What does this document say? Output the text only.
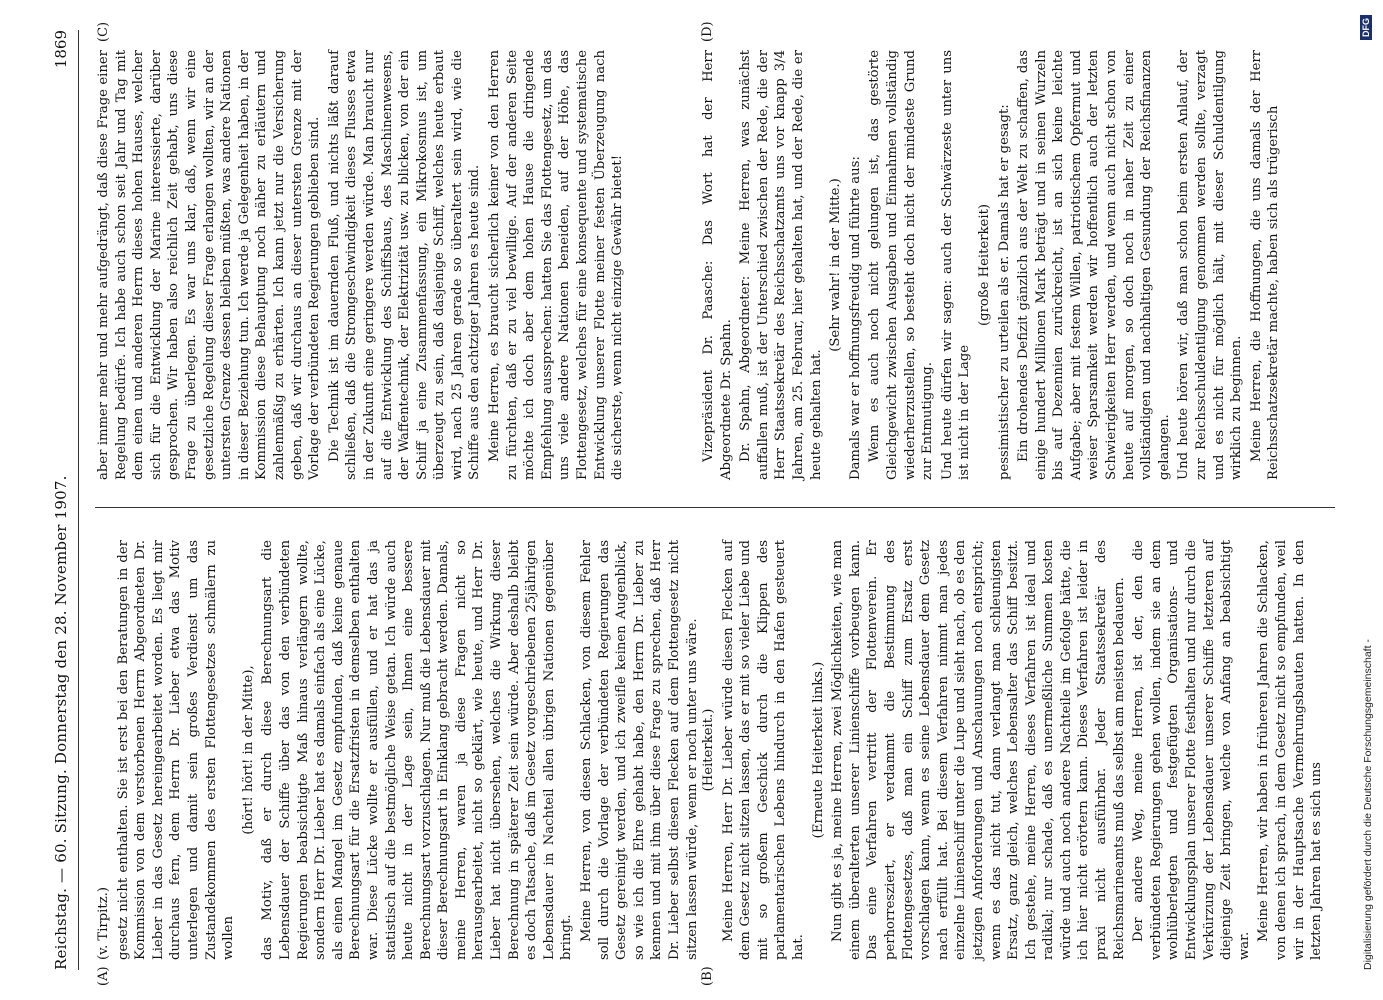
Reichstag. — 60. Sitzung. Donnerstag den 28. November 1907.
1869

(v. Tirpitz.) gesetz nicht enthalten. Sie ist erst bei den Beratungen in der Kommission von dem verstorbenen Herrn Abgeordneten Dr. Lieber in das Gesetz hereingearbeitet worden. Es liegt mir durchaus fern, dem Herrn Dr. Lieber etwa das Motiv unterlegen und damit sein großes Verdienst um das Zustandekommen des ersten Flottengesetzes schmälern zu wollen

(hört! hört! in der Mitte), das Motiv, daß er durch diese Berechnungsart die Lebensdauer der Schiffe über das von den verbündeten Regierungen beabsichtigte Maß hinaus verlängern wollte, sondern Herr Dr. Lieber hat es damals einfach als eine Lücke, als einen Mangel im Gesetz empfunden, daß keine genaue Berechnungsart für die Ersatzfristen in demselben enthalten war. Diese Lücke wollte er ausfüllen, und er hat das ja statistisch auf die bestmögliche Weise getan. Ich würde auch heute nicht in der Lage sein, Ihnen eine bessere Berechnungsart vorzuschlagen. Nur muß die Lebensdauer mit dieser Berechnungsart in Einklang gebracht werden. Damals, meine Herren, waren ja diese Fragen nicht so herausgearbeitet, nicht so geklärt, wie heute, und Herr Dr. Lieber hat nicht übersehen, welches die Wirkung dieser Berechnung in späterer Zeit sein würde. Aber deshalb bleibt es doch Tatsache, daß im Gesetz vorgeschriebenen 25jährigen Lebensdauer in Nachteil allen übrigen Nationen gegenüber bringt. Meine Herren, von diesen Schlacken, von diesem Fehler soll durch die Vorlage der verbündeten Regierungen das Gesetz gereinigt werden, und ich zweifle keinen Augenblick, so wie ich die Ehre gehabt habe, den Herrn Dr. Lieber zu kennen und mit ihm über diese Frage zu sprechen, daß Herr Dr. Lieber selbst diesen Flecken auf dem Flottengesetz nicht sitzen lassen würde, wenn er noch unter uns wäre. (Heiterkeit.) Meine Herren, Herr Dr. Lieber würde diesen Flecken auf dem Gesetz nicht sitzen lassen, das er mit so vieler Liebe und mit so großem Geschick durch die Klippen des parlamentarischen Lebens hindurch in den Hafen gesteuert hat.

(Erneute Heiterkeit links.) Nun gibt es ja, meine Herren, zwei Möglichkeiten, wie man einem überalterten unserer Linienschiffe vorbeugen kann. Das eine Verfahren vertritt der Flottenverein. Er perhorresziert, er verdammt die Bestimmung des Flottengesetzes, daß man ein Schiff zum Ersatz erst vorschlagen kann, wenn es seine Lebensdauer dem Gesetz nach erfüllt hat. Bei diesem Verfahren nimmt man jedes einzelne Linienschiff unter die Lupe und sieht nach, ob es den jetzigen Anforderungen und Anschauungen noch entspricht; wenn es das nicht tut, dann verlangt man schleunigsten Ersatz, ganz gleich, welches Lebensalter das Schiff besitzt. Ich gestehe, meine Herren, dieses Verfahren ist ideal und radikal; nur schade, daß es unermeßliche Summen kosten würde und auch noch andere Nachteile im Gefolge hätte, die ich hier nicht erörtern kann. Dieses Verfahren ist leider in praxi nicht ausführbar. Jeder Staatssekretär des Reichsmarineamts muß das selbst am meisten bedauern. Der andere Weg, meine Herren, ist der, den die verbündeten Regierungen gehen wollen, indem sie an dem wohlüberlegten und festgefügten Organisations- und Entwicklungsplan unserer Flotte festhalten und nur durch die Verkürzung der Lebensdauer unserer Schiffe letzteren auf diejenige Zeit bringen, welche von Anfang an beabsichtigt war.

Meine Herren, wir haben in früheren Jahren die Schlacken, von denen ich sprach, in dem Gesetz nicht so empfunden, weil wir in der Hauptsache Vermehrungsbauten hatten. In den letzten Jahren hat es sich uns

aber immer mehr und mehr aufgedrängt, daß diese Frage einer Regelung bedürfe. Ich habe auch schon seit Jahr und Tag mit dem einen und anderen Herrn dieses hohen Hauses, welcher sich für die Entwicklung der Marine interessierte, darüber gesprochen. Wir haben also reichlich Zeit gehabt, uns diese Frage zu überlegen. Es war uns klar, daß, wenn wir eine gesetzliche Regelung dieser Frage erlangen wollten, wir an der untersten Grenze dessen bleiben müßten, was andere Nationen in dieser Beziehung tun. Ich werde ja Gelegenheit haben, in der Kommission diese Behauptung noch näher zu erläutern und zahlenmäßig zu erhärten. Ich kann jetzt nur die Versicherung geben, daß wir durchaus an dieser untersten Grenze mit der Vorlage der verbündeten Regierungen geblieben sind. Die Technik ist im dauernden Fluß, und nichts läßt darauf schließen, daß die Stromgeschwindigkeit dieses Flusses etwa in der Zukunft eine geringere werden würde. Man braucht nur auf die Entwicklung des Schiffsbaus, des Maschinenwesens, der Waffentechnik, der Elektrizität usw. zu blicken, von der ein Schiff ja eine Zusammenfassung, ein Mikrokosmus ist, um überzeugt zu sein, daß dasjenige Schiff, welches heute erbaut wird, nach 25 Jahren gerade so überaltert sein wird, wie die Schiffe aus den achtziger Jahren es heute sind. Meine Herren, es braucht sicherlich keiner von den Herren zu fürchten, daß er zu viel bewillige. Auf der anderen Seite möchte ich doch aber dem hohen Hause die dringende Empfehlung aussprechen: hatten Sie das Flottengesetz, um das uns viele andere Nationen beneiden, auf der Höhe, das Flottengesetz, welches für eine konsequente und systematische Entwicklung unserer Flotte meiner festen Überzeugung nach die sicherste, wenn nicht einzige Gewähr bietet!	Vizepräsident Dr. Paasche: Das Wort hat der Herr Abgeordnete Dr. Spahn. Dr. Spahn, Abgeordneter: Meine Herren, was zunächst auffallen muß, ist der Unterschied zwischen der Rede, die der Herr Staatssekretär des Reichsschatzamts uns vor knapp 3/4 Jahren, am 25. Februar, hier gehalten hat, und der Rede, die er heute gehalten hat.

(Sehr wahr! in der Mitte.) Damals war er hoffnungsfreudig und führte aus: Wenn es auch noch nicht gelungen ist, das gestörte Gleichgewicht zwischen Ausgaben und Einnahmen vollständig wiederherzustellen, so besteht doch nicht der mindeste Grund zur Entmutigung. Und heute dürfen wir sagen: auch der Schwärzeste unter uns ist nicht in der Lage

(große Heiterkeit) pessimistischer zu urteilen als er. Damals hat er gesagt: Ein drohendes Defizit gänzlich aus der Welt zu schaffen, das einige hundert Millionen Mark beträgt und in seinen Wurzeln bis auf Dezennien zurückreicht, ist an sich keine leichte Aufgabe; aber mit festem Willen, patriotischem Opfermut und weiser Sparsamkeit werden wir hoffentlich auch der letzten Schwierigkeiten Herr werden, und wenn auch nicht schon von heute auf morgen, so doch noch in naher Zeit zu einer vollständigen und nachhaltigen Gesundung der Reichsfinanzen gelangen. Und heute hören wir, daß man schon beim ersten Anlauf, der zur Reichsschuldentilgung genommen werden sollte, verzagt und es nicht für möglich hält, mit dieser Schuldentilgung wirklich zu beginnen. Meine Herren, die Hoffnungen, die uns damals der Herr Reichsschatzsekretär machte, haben sich als trügerisch

(A)	(B)
(C)	(D)
Digitalisierung gefördert durch die Deutsche Forschungsgemeinschaft -
DFG
